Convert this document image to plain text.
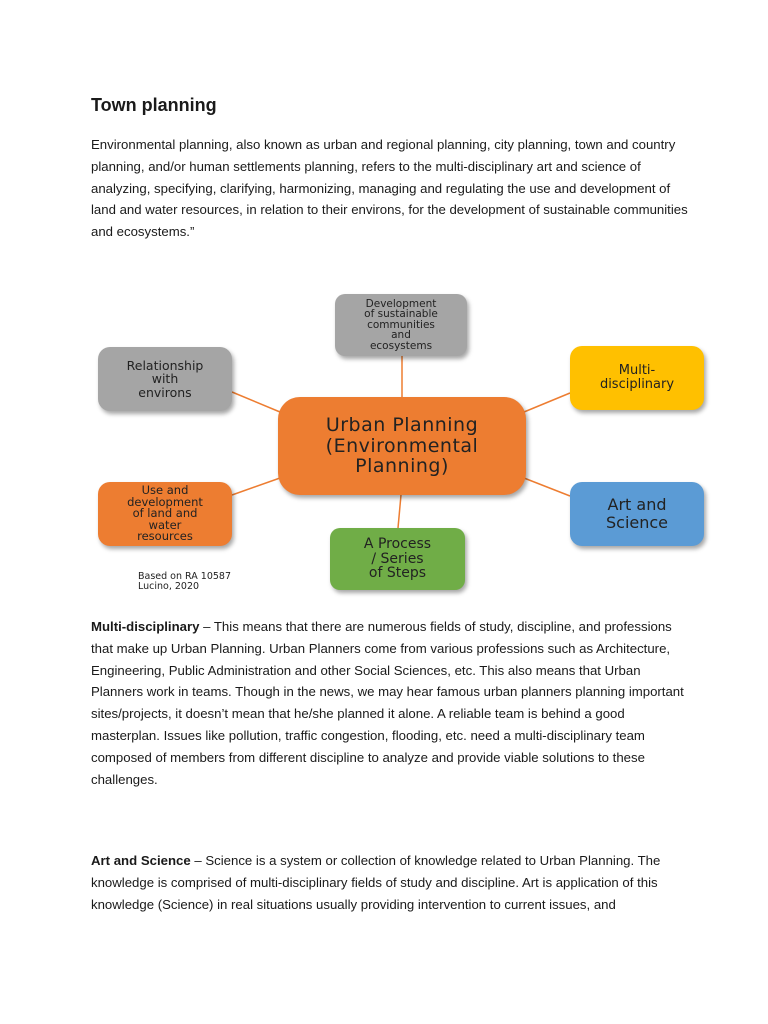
Town planning

Environmental planning, also known as urban and regional planning, city planning, town and country planning, and/or human settlements planning, refers to the multi-disciplinary art and science of analyzing, specifying, clarifying, harmonizing, managing and regulating the use and development of land and water resources, in relation to their environs, for the development of sustainable communities and ecosystems.”

Development
of sustainable
communities
and
ecosystems
Relationship
with
environs
Multi-
disciplinary
Urban Planning
(Environmental
Planning)
Use and
development
of land and
water
resources
Art and
Science
A Process
/ Series
of Steps
Based on RA 10587
Lucino, 2020

Multi-disciplinary – This means that there are numerous fields of study, discipline, and professions that make up Urban Planning. Urban Planners come from various professions such as Architecture, Engineering, Public Administration and other Social Sciences, etc. This also means that Urban Planners work in teams. Though in the news, we may hear famous urban planners planning important sites/projects, it doesn’t mean that he/she planned it alone. A reliable team is behind a good masterplan. Issues like pollution, traffic congestion, flooding, etc. need a multi-disciplinary team composed of members from different discipline to analyze and provide viable solutions to these challenges.

Art and Science – Science is a system or collection of knowledge related to Urban Planning. The knowledge is comprised of multi-disciplinary fields of study and discipline. Art is application of this knowledge (Science) in real situations usually providing intervention to current issues, and
